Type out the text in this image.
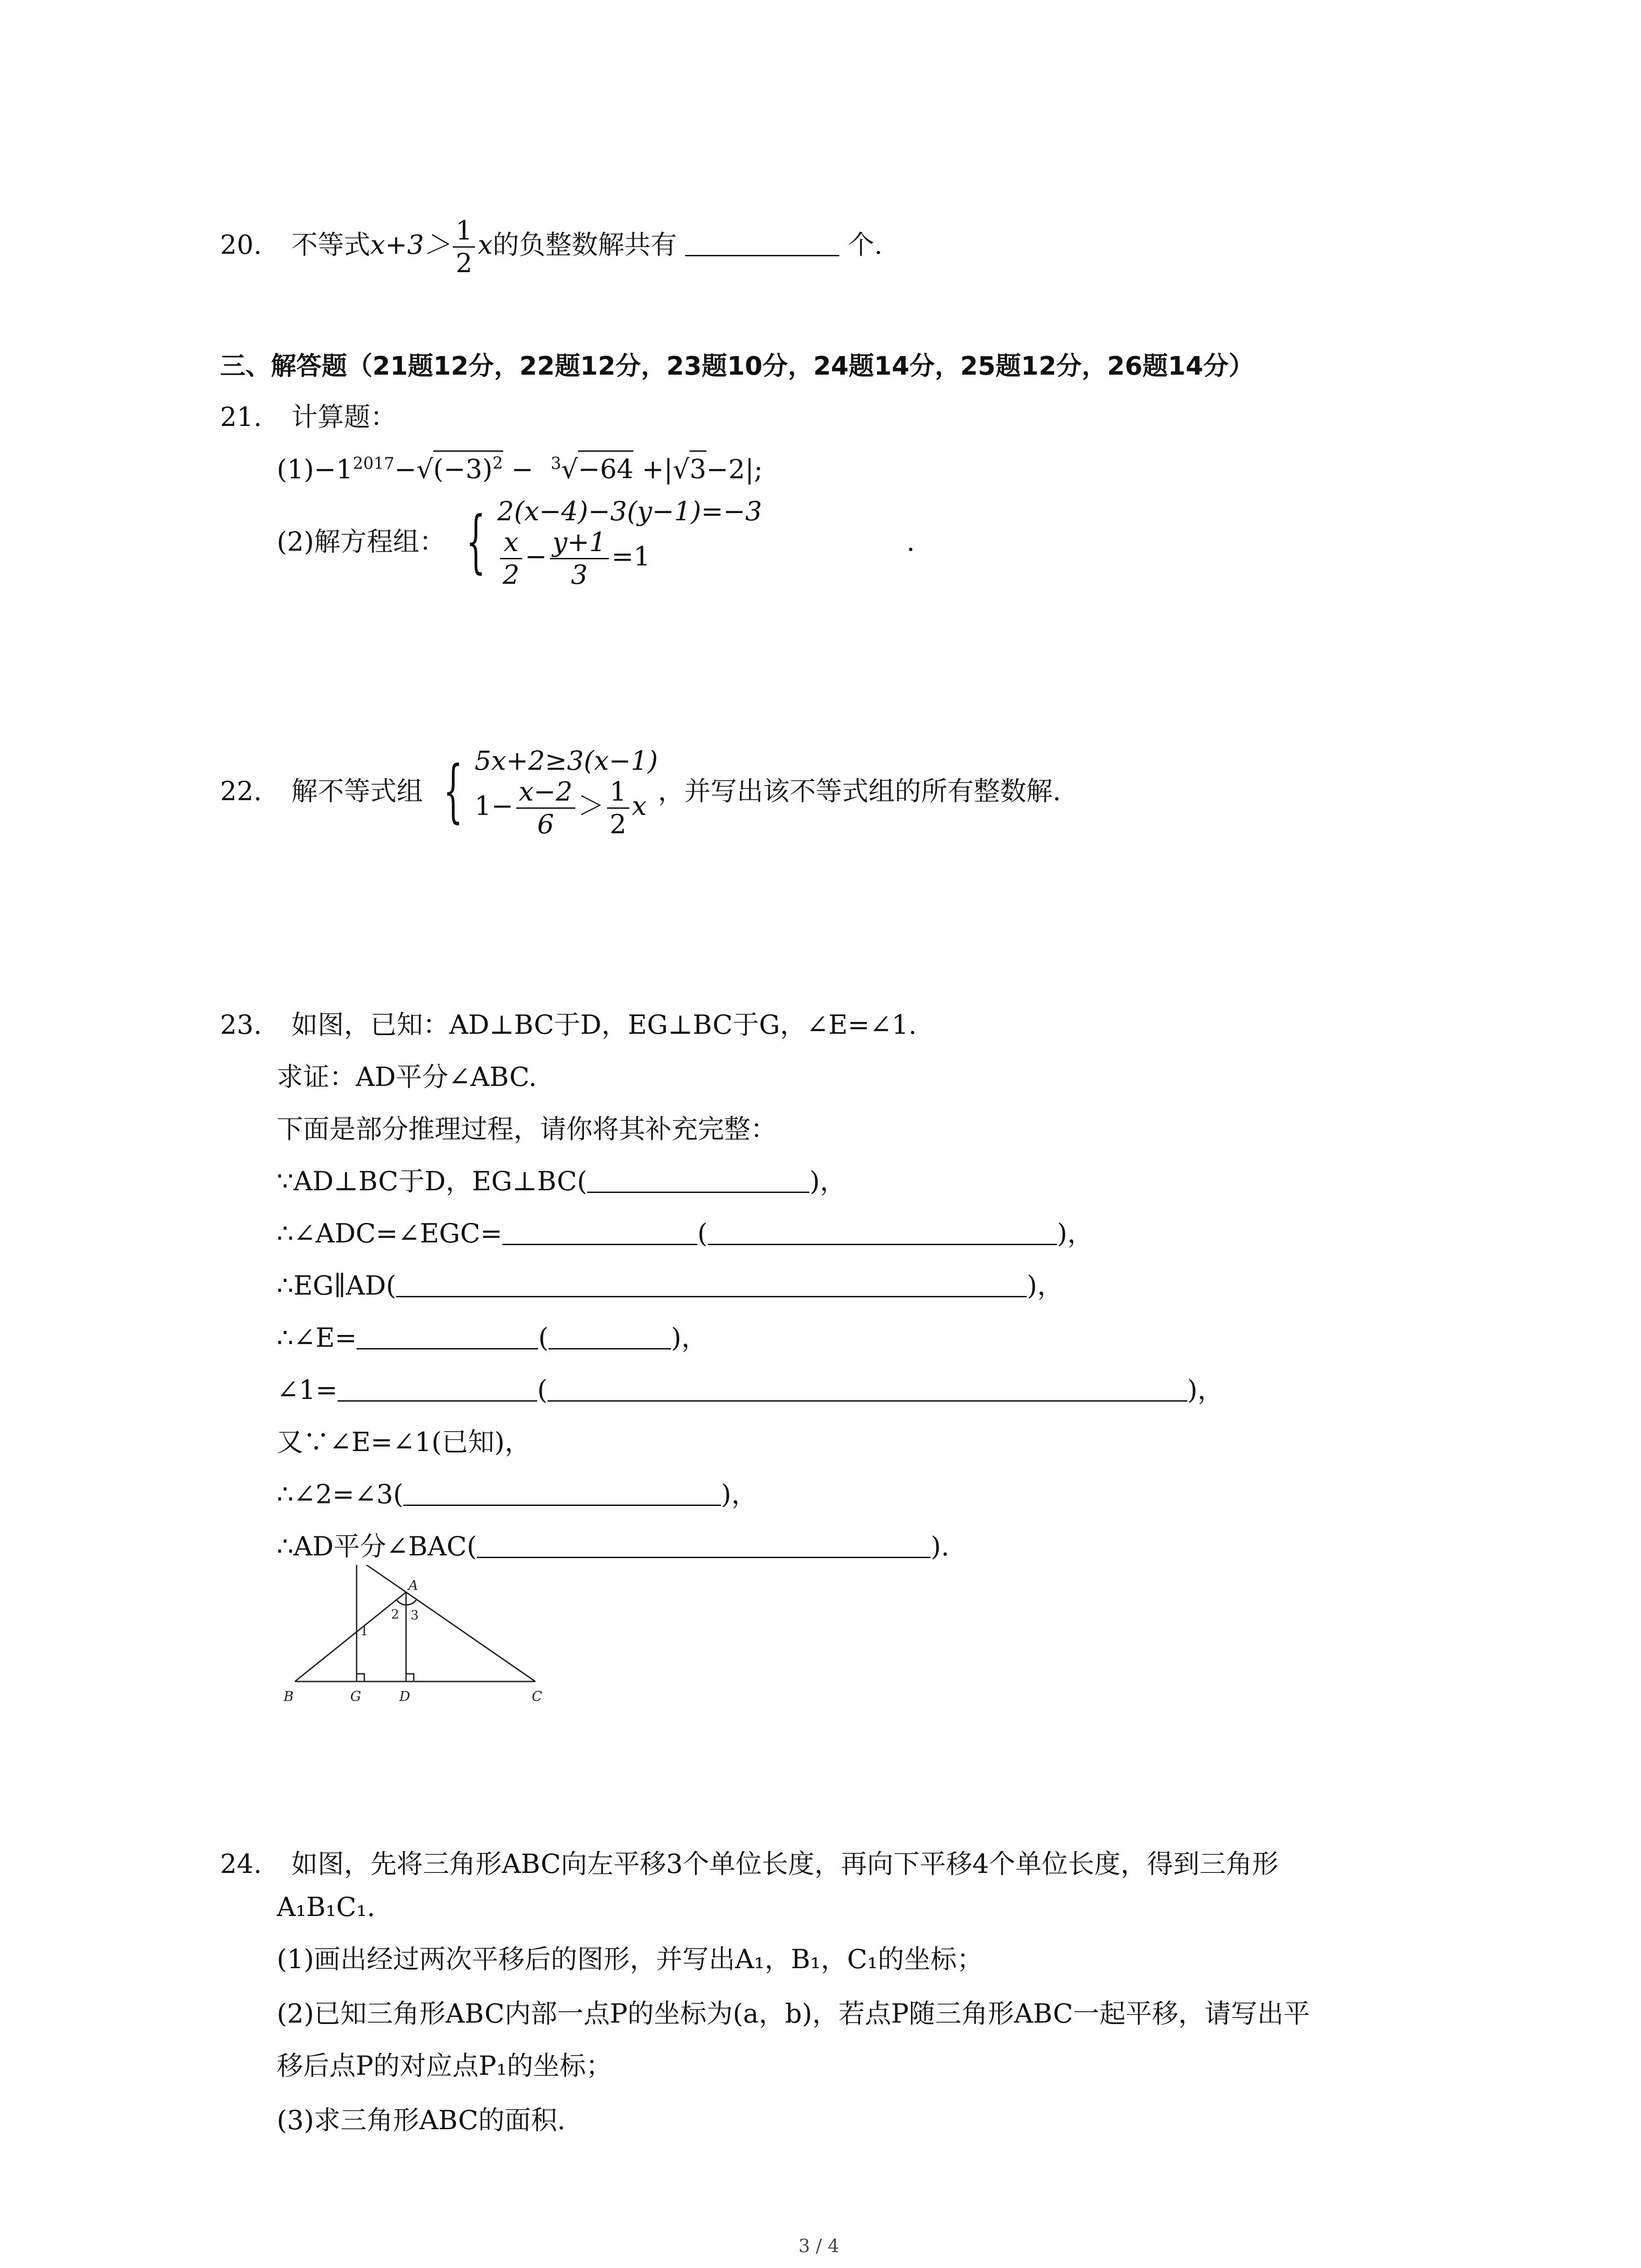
20. 不等式$x+3> \frac{1}{2}$ x的负整数解共有	个.
三、解答题（21题12分，22题12分，23题10分，24题14分，25题12分，26题14分）
21. 计算题：
$(1)-1^{2017}-√(-3)^2 - ^3√-64 +|√3-2|$;
(2)解方程组： { 2(x−4)−3(y−1)=−3
$\frac{x}{2} - \frac{y+1}{3} =1$	.
22. 解不等式组 { 5x+2≥3(x−1)
$1- \frac{x-2}{6} > \frac{1}{2}$ x ，并写出该不等式组的所有整数解.
23. 如图，已知：AD⊥BC于D，EG⊥BC于G，∠E=∠1.
求证：AD平分∠ABC.
下面是部分推理过程，请你将其补充完整：
∵AD⊥BC于D，EG⊥BC(	)，
∴∠ADC=∠EGC=	(	)，
∴EG∥AD(	)，
∴∠E=	(	)，
∠1=	(	)，
又∵∠E=∠1(已知)，
∴∠2=∠3(	)，
∴AD平分∠BAC(	).
A
B	G	D	C
1
2 3
24. 如图，先将三角形ABC向左平移3个单位长度，再向下平移4个单位长度，得到三角形
A₁B₁C₁.
(1)画出经过两次平移后的图形，并写出A₁，B₁，C₁的坐标；
(2)已知三角形ABC内部一点P的坐标为(a，b)，若点P随三角形ABC一起平移，请写出平
移后点P的对应点P₁的坐标；
(3)求三角形ABC的面积.
3 / 4
